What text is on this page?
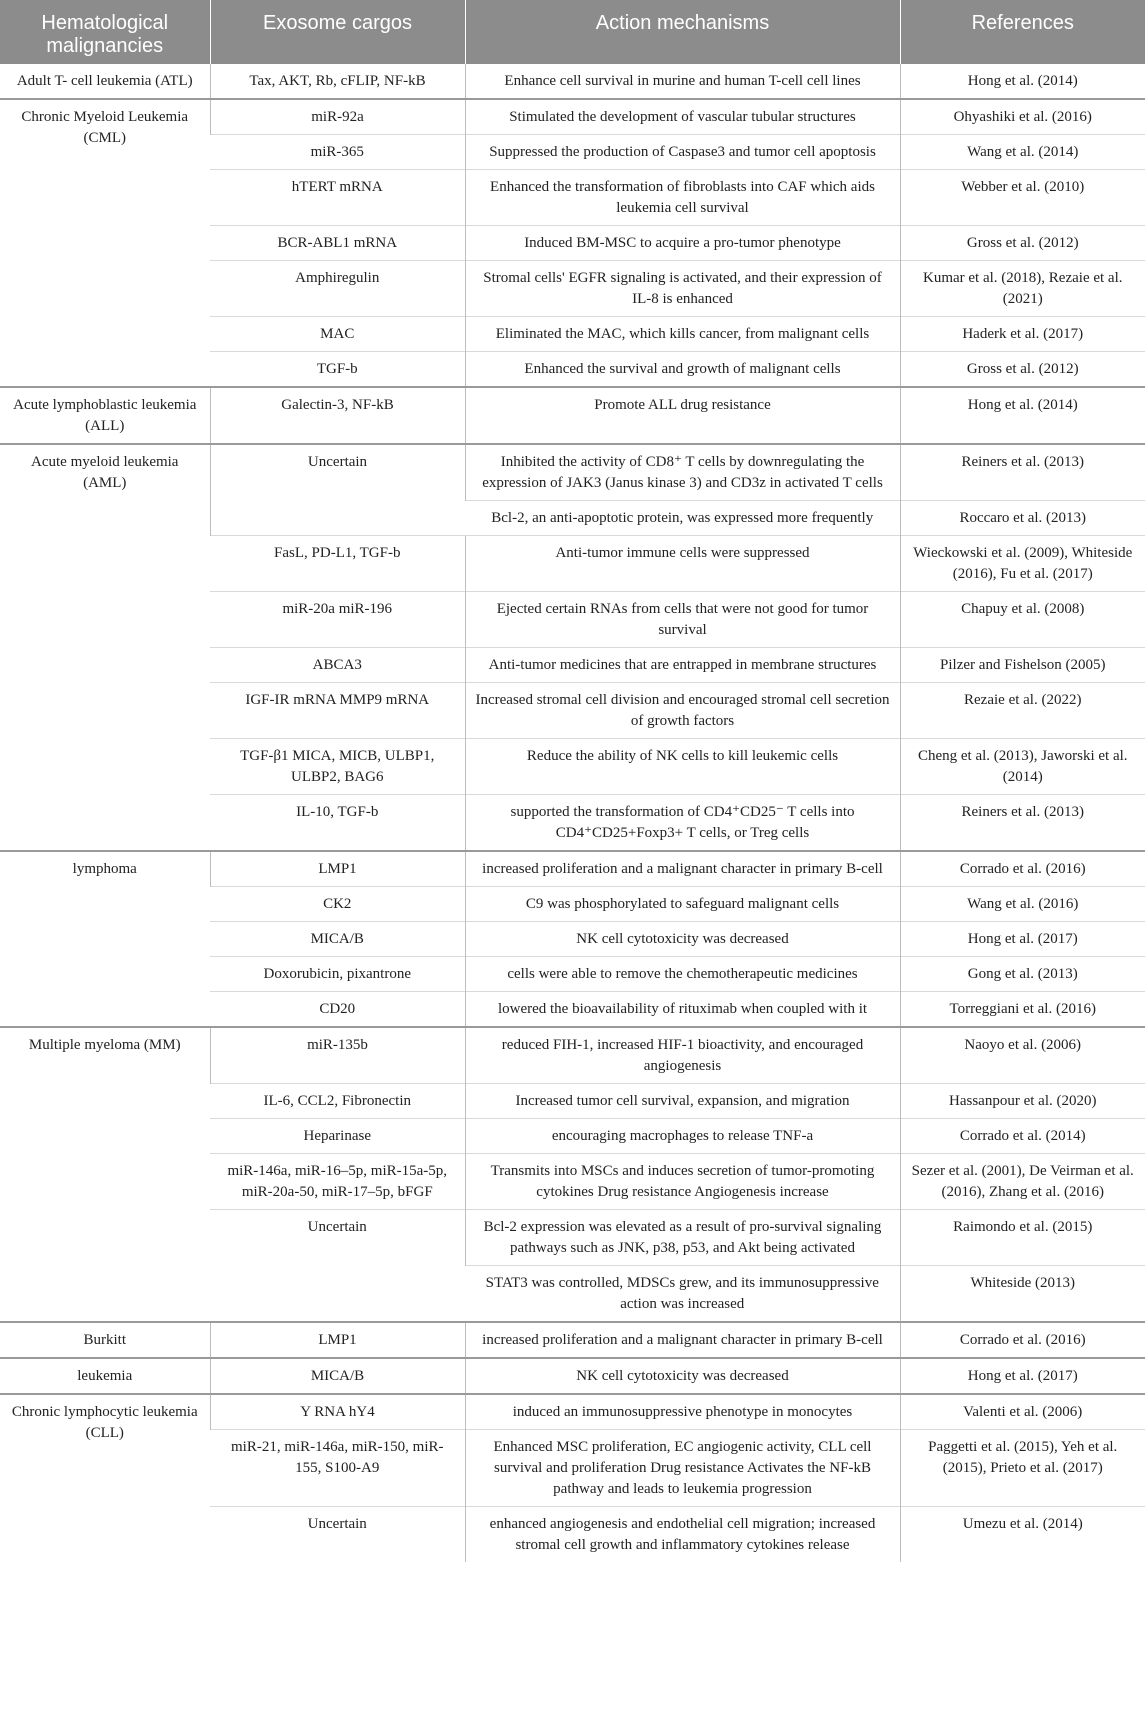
Hematological malignancies	Exosome cargos	Action mechanisms	References
Adult T- cell leukemia (ATL)	Tax, AKT, Rb, cFLIP, NF-kB	Enhance cell survival in murine and human T-cell cell lines	Hong et al. (2014)
Chronic Myeloid Leukemia (CML)	miR-92a	Stimulated the development of vascular tubular structures	Ohyashiki et al. (2016)
	miR-365	Suppressed the production of Caspase3 and tumor cell apoptosis	Wang et al. (2014)
	hTERT mRNA	Enhanced the transformation of fibroblasts into CAF which aids leukemia cell survival	Webber et al. (2010)
	BCR-ABL1 mRNA	Induced BM-MSC to acquire a pro-tumor phenotype	Gross et al. (2012)
	Amphiregulin	Stromal cells' EGFR signaling is activated, and their expression of IL-8 is enhanced	Kumar et al. (2018), Rezaie et al. (2021)
	MAC	Eliminated the MAC, which kills cancer, from malignant cells	Haderk et al. (2017)
	TGF-b	Enhanced the survival and growth of malignant cells	Gross et al. (2012)
Acute lymphoblastic leukemia (ALL)	Galectin-3, NF-kB	Promote ALL drug resistance	Hong et al. (2014)
Acute myeloid leukemia (AML)	Uncertain	Inhibited the activity of CD8⁺ T cells by downregulating the expression of JAK3 (Janus kinase 3) and CD3z in activated T cells	Reiners et al. (2013)
		Bcl-2, an anti-apoptotic protein, was expressed more frequently	Roccaro et al. (2013)
	FasL, PD-L1, TGF-b	Anti-tumor immune cells were suppressed	Wieckowski et al. (2009), Whiteside (2016), Fu et al. (2017)
	miR-20a miR-196	Ejected certain RNAs from cells that were not good for tumor survival	Chapuy et al. (2008)
	ABCA3	Anti-tumor medicines that are entrapped in membrane structures	Pilzer and Fishelson (2005)
	IGF-IR mRNA MMP9 mRNA	Increased stromal cell division and encouraged stromal cell secretion of growth factors	Rezaie et al. (2022)
	TGF-β1 MICA, MICB, ULBP1, ULBP2, BAG6	Reduce the ability of NK cells to kill leukemic cells	Cheng et al. (2013), Jaworski et al. (2014)
	IL-10, TGF-b	supported the transformation of CD4⁺CD25⁻ T cells into CD4⁺CD25+Foxp3+ T cells, or Treg cells	Reiners et al. (2013)
lymphoma	LMP1	increased proliferation and a malignant character in primary B-cell	Corrado et al. (2016)
	CK2	C9 was phosphorylated to safeguard malignant cells	Wang et al. (2016)
	MICA/B	NK cell cytotoxicity was decreased	Hong et al. (2017)
	Doxorubicin, pixantrone	cells were able to remove the chemotherapeutic medicines	Gong et al. (2013)
	CD20	lowered the bioavailability of rituximab when coupled with it	Torreggiani et al. (2016)
Multiple myeloma (MM)	miR-135b	reduced FIH-1, increased HIF-1 bioactivity, and encouraged angiogenesis	Naoyo et al. (2006)
	IL-6, CCL2, Fibronectin	Increased tumor cell survival, expansion, and migration	Hassanpour et al. (2020)
	Heparinase	encouraging macrophages to release TNF-a	Corrado et al. (2014)
	miR-146a, miR-16–5p, miR-15a-5p, miR-20a-50, miR-17–5p, bFGF	Transmits into MSCs and induces secretion of tumor-promoting cytokines Drug resistance Angiogenesis increase	Sezer et al. (2001), De Veirman et al. (2016), Zhang et al. (2016)
	Uncertain	Bcl-2 expression was elevated as a result of pro-survival signaling pathways such as JNK, p38, p53, and Akt being activated	Raimondo et al. (2015)
		STAT3 was controlled, MDSCs grew, and its immunosuppressive action was increased	Whiteside (2013)
Burkitt	LMP1	increased proliferation and a malignant character in primary B-cell	Corrado et al. (2016)
leukemia	MICA/B	NK cell cytotoxicity was decreased	Hong et al. (2017)
Chronic lymphocytic leukemia (CLL)	Y RNA hY4	induced an immunosuppressive phenotype in monocytes	Valenti et al. (2006)
	miR-21, miR-146a, miR-150, miR-155, S100-A9	Enhanced MSC proliferation, EC angiogenic activity, CLL cell survival and proliferation Drug resistance Activates the NF-kB pathway and leads to leukemia progression	Paggetti et al. (2015), Yeh et al. (2015), Prieto et al. (2017)
	Uncertain	enhanced angiogenesis and endothelial cell migration; increased stromal cell growth and inflammatory cytokines release	Umezu et al. (2014)
